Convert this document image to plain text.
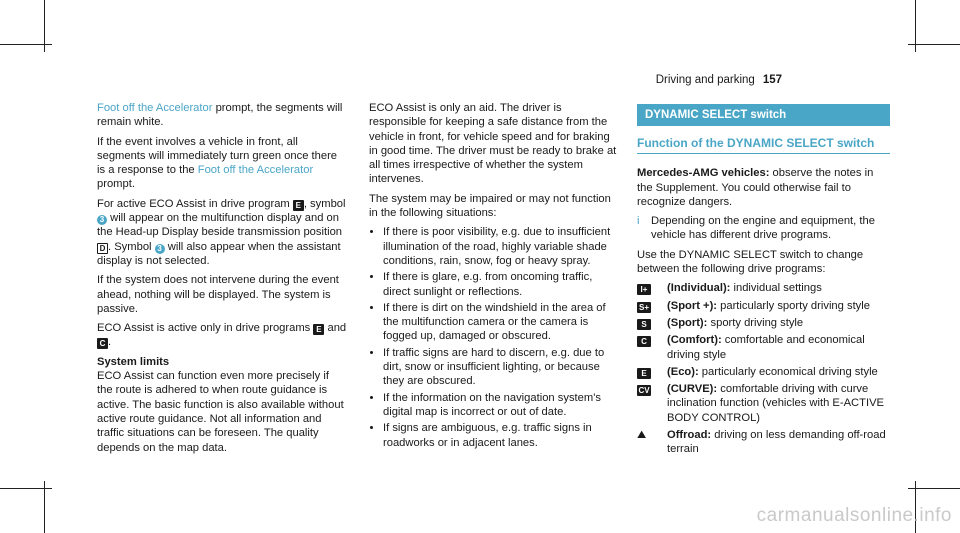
Driving and parking 157

Foot off the Accelerator prompt, the segments will remain white.

If the event involves a vehicle in front, all segments will immediately turn green once there is a response to the Foot off the Accelerator prompt.

For active ECO Assist in drive program E , symbol 3 will appear on the multifunction display and on the Head-up Display beside transmission position D . Symbol 3 will also appear when the assistant display is not selected.

If the system does not intervene during the event ahead, nothing will be displayed. The system is passive.

ECO Assist is active only in drive programs E and C .

System limits

ECO Assist can function even more precisely if the route is adhered to when route guidance is active. The basic function is also available without active route guidance. Not all information and traffic situations can be foreseen. The quality depends on the map data.

ECO Assist is only an aid. The driver is responsible for keeping a safe distance from the vehicle in front, for vehicle speed and for braking in good time. The driver must be ready to brake at all times irrespective of whether the system intervenes.

The system may be impaired or may not function in the following situations:

• If there is poor visibility, e.g. due to insufficient illumination of the road, highly variable shade conditions, rain, snow, fog or heavy spray.
• If there is glare, e.g. from oncoming traffic, direct sunlight or reflections.
• If there is dirt on the windshield in the area of the multifunction camera or the camera is fogged up, damaged or obscured.
• If traffic signs are hard to discern, e.g. due to dirt, snow or insufficient lighting, or because they are obscured.
• If the information on the navigation system's digital map is incorrect or out of date.
• If signs are ambiguous, e.g. traffic signs in roadworks or in adjacent lanes.
DYNAMIC SELECT switch
Function of the DYNAMIC SELECT switch

Mercedes-AMG vehicles: observe the notes in the Supplement. You could otherwise fail to recognize dangers.

i	Depending on the engine and equipment, the vehicle has different drive programs.

Use the DYNAMIC SELECT switch to change between the following drive programs:

I+	(Individual): individual settings
S+	(Sport +): particularly sporty driving style
S	(Sport): sporty driving style
C	(Comfort): comfortable and economical driving style
E	(Eco): particularly economical driving style
CV	(CURVE): comfortable driving with curve inclination function (vehicles with E-ACTIVE BODY CONTROL)
⛰	Offroad: driving on less demanding off-road terrain
carmanualsonline.info
